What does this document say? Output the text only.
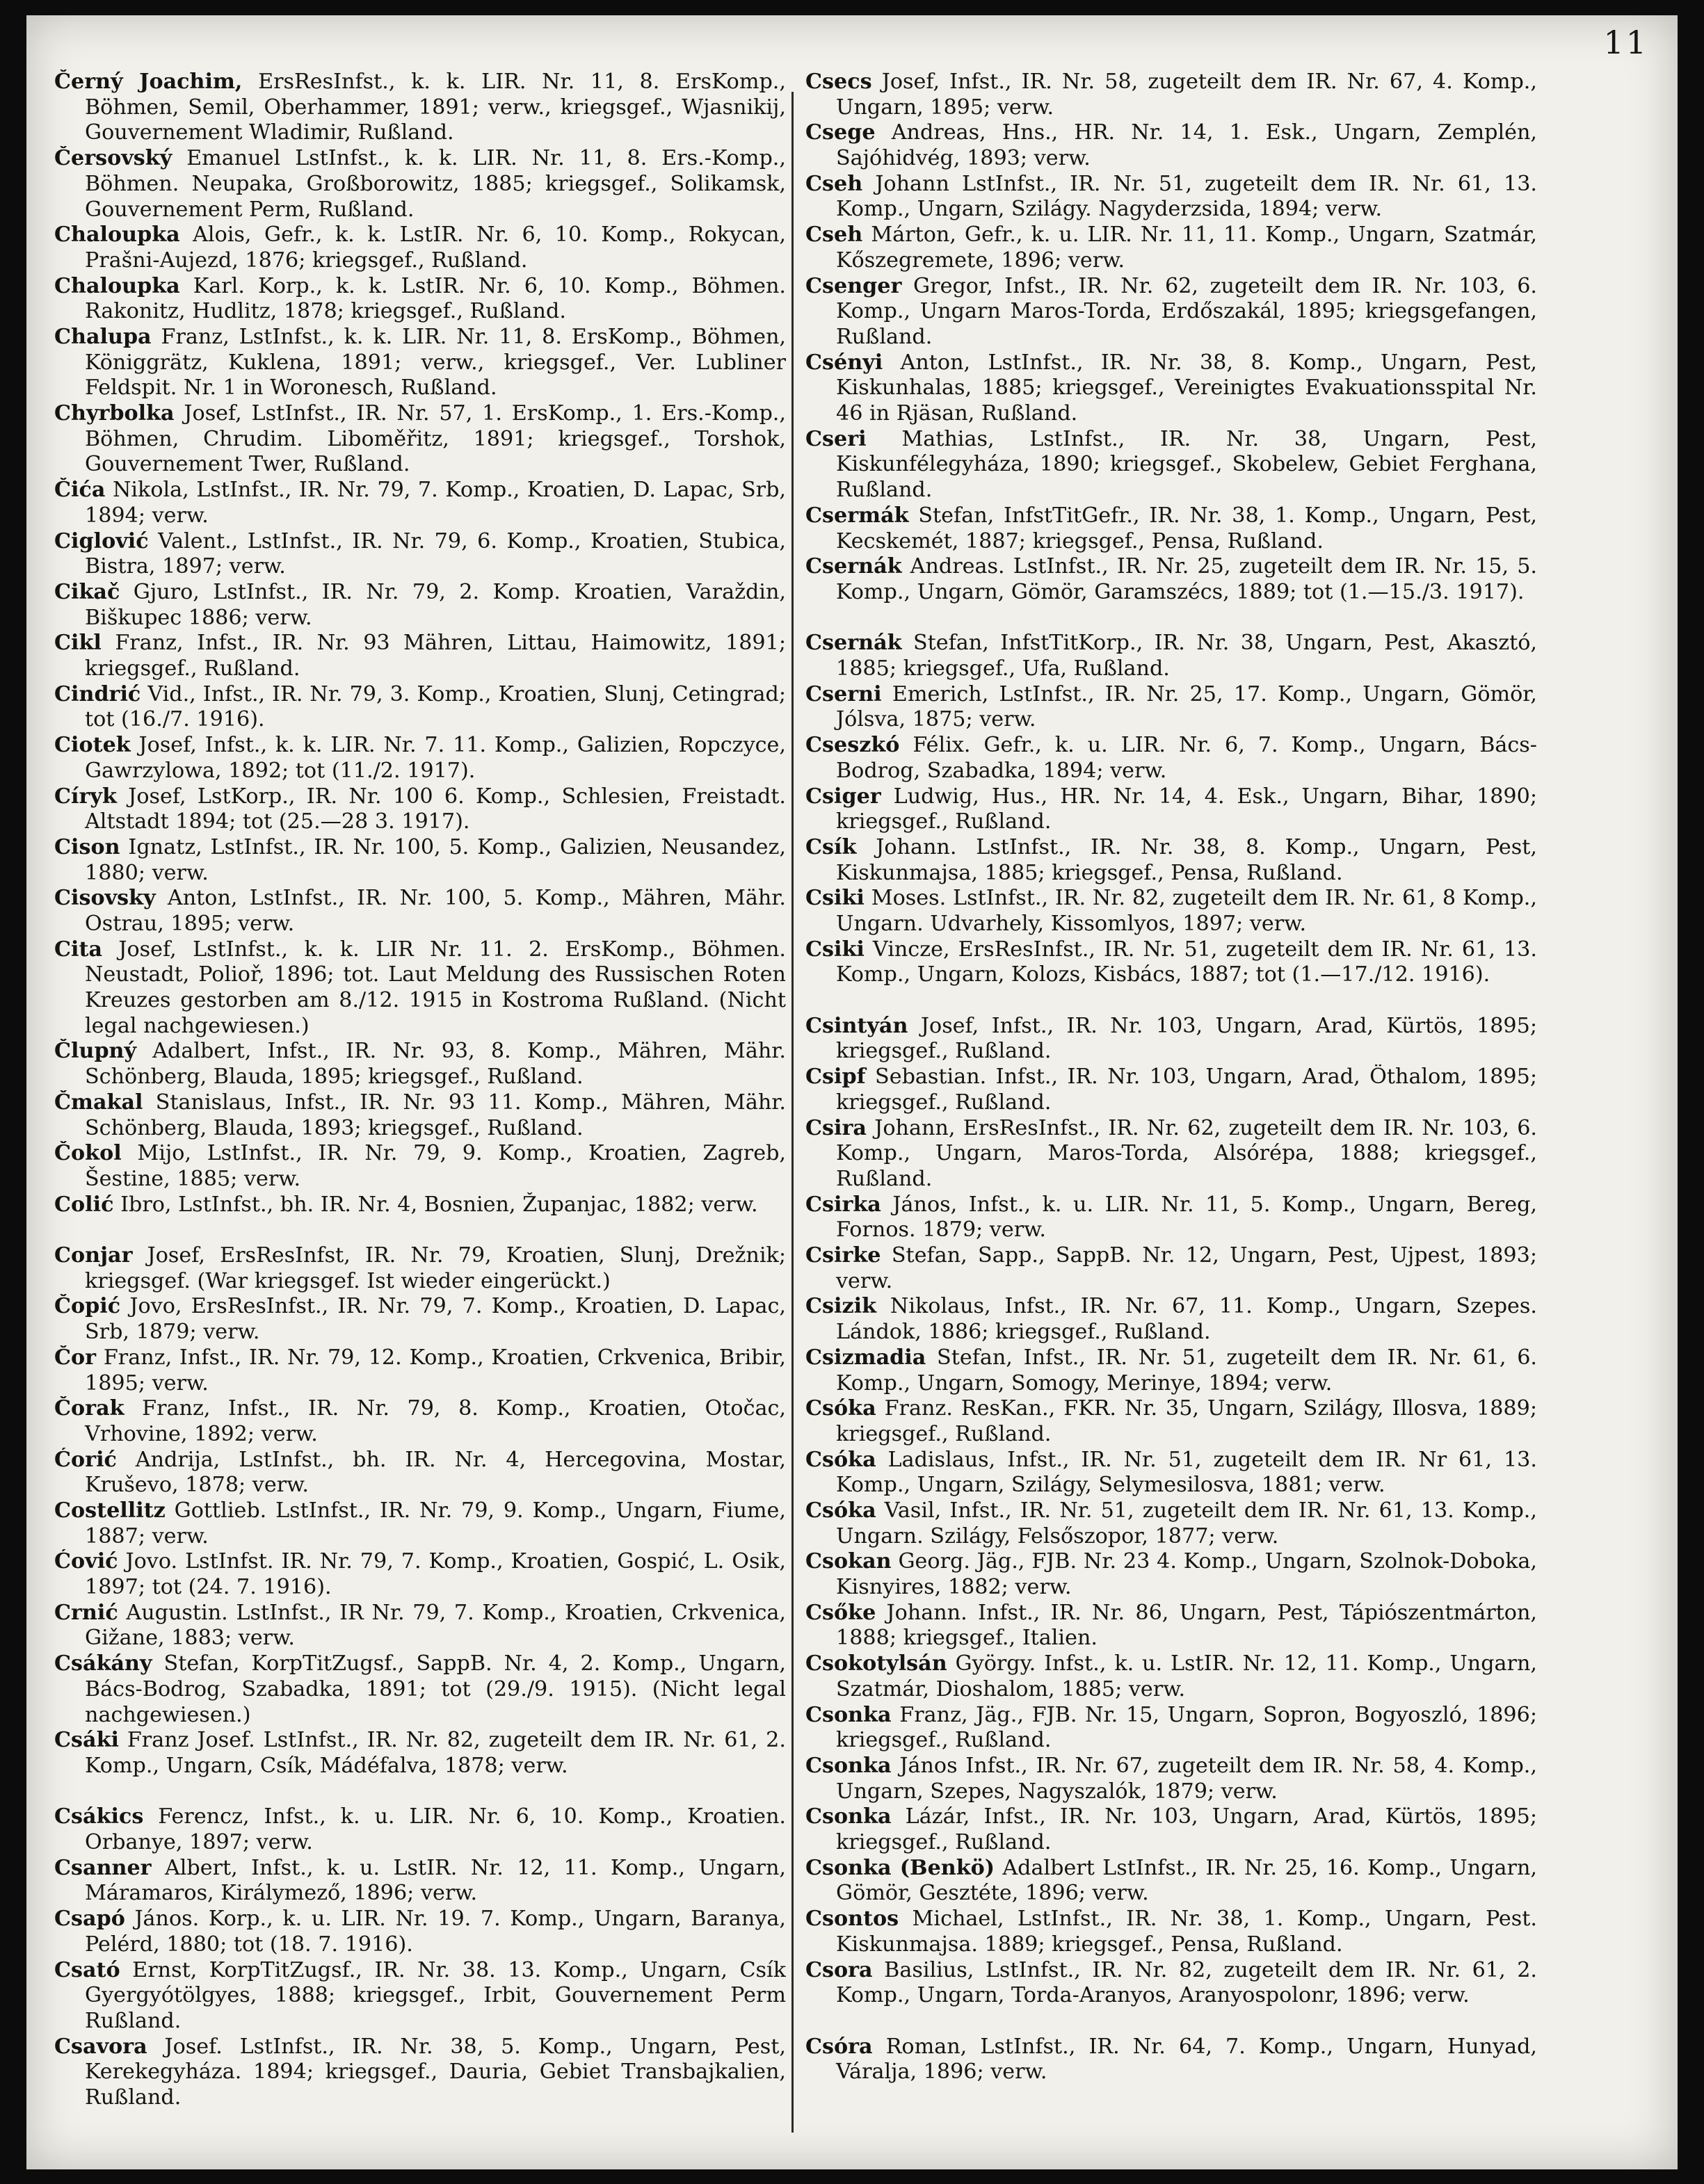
11

Černý Joachim, ErsResInfst., k. k. LIR. Nr. 11, 8. ErsKomp., Böhmen, Semil, Oberhammer, 1891; verw., kriegsgef., Wjasnikij, Gouvernement Wladimir, Rußland.

Čersovský Emanuel LstInfst., k. k. LIR. Nr. 11, 8. Ers.-Komp., Böhmen. Neupaka, Großborowitz, 1885; kriegsgef., Solikamsk, Gouvernement Perm, Rußland.

Chaloupka Alois, Gefr., k. k. LstIR. Nr. 6, 10. Komp., Rokycan, Prašni-Aujezd, 1876; kriegsgef., Rußland.

Chaloupka Karl. Korp., k. k. LstIR. Nr. 6, 10. Komp., Böhmen. Rakonitz, Hudlitz, 1878; kriegsgef., Rußland.

Chalupa Franz, LstInfst., k. k. LIR. Nr. 11, 8. ErsKomp., Böhmen, Königgrätz, Kuklena, 1891; verw., kriegsgef., Ver. Lubliner Feldspit. Nr. 1 in Woronesch, Rußland.

Chyrbolka Josef, LstInfst., IR. Nr. 57, 1. ErsKomp., 1. Ers.-Komp., Böhmen, Chrudim. Liboměřitz, 1891; kriegsgef., Torshok, Gouvernement Twer, Rußland.

Čića Nikola, LstInfst., IR. Nr. 79, 7. Komp., Kroatien, D. Lapac, Srb, 1894; verw.

Ciglović Valent., LstInfst., IR. Nr. 79, 6. Komp., Kroatien, Stubica, Bistra, 1897; verw.

Cikač Gjuro, LstInfst., IR. Nr. 79, 2. Komp. Kroatien, Varaždin, Biškupec 1886; verw.

Cikl Franz, Infst., IR. Nr. 93 Mähren, Littau, Haimowitz, 1891; kriegsgef., Rußland.

Cindrić Vid., Infst., IR. Nr. 79, 3. Komp., Kroatien, Slunj, Cetingrad; tot (16./7. 1916).

Ciotek Josef, Infst., k. k. LIR. Nr. 7. 11. Komp., Galizien, Ropczyce, Gawrzylowa, 1892; tot (11./2. 1917).

Círyk Josef, LstKorp., IR. Nr. 100 6. Komp., Schlesien, Freistadt. Altstadt 1894; tot (25.—28 3. 1917).

Cison Ignatz, LstInfst., IR. Nr. 100, 5. Komp., Galizien, Neusandez, 1880; verw.

Cisovsky Anton, LstInfst., IR. Nr. 100, 5. Komp., Mähren, Mähr. Ostrau, 1895; verw.

Cita Josef, LstInfst., k. k. LIR Nr. 11. 2. ErsKomp., Böhmen. Neustadt, Polioř, 1896; tot. Laut Meldung des Russischen Roten Kreuzes gestorben am 8./12. 1915 in Kostroma Rußland. (Nicht legal nachgewiesen.)

Člupný Adalbert, Infst., IR. Nr. 93, 8. Komp., Mähren, Mähr. Schönberg, Blauda, 1895; kriegsgef., Rußland.

Čmakal Stanislaus, Infst., IR. Nr. 93 11. Komp., Mähren, Mähr. Schönberg, Blauda, 1893; kriegsgef., Rußland.

Čokol Mijo, LstInfst., IR. Nr. 79, 9. Komp., Kroatien, Zagreb, Šestine, 1885; verw.

Colić Ibro, LstInfst., bh. IR. Nr. 4, Bosnien, Županjac, 1882; verw.

Conjar Josef, ErsResInfst, IR. Nr. 79, Kroatien, Slunj, Drežnik; kriegsgef. (War kriegsgef. Ist wieder eingerückt.)

Čopić Jovo, ErsResInfst., IR. Nr. 79, 7. Komp., Kroatien, D. Lapac, Srb, 1879; verw.

Čor Franz, Infst., IR. Nr. 79, 12. Komp., Kroatien, Crkvenica, Bribir, 1895; verw.

Čorak Franz, Infst., IR. Nr. 79, 8. Komp., Kroatien, Otočac, Vrhovine, 1892; verw.

Ćorić Andrija, LstInfst., bh. IR. Nr. 4, Hercegovina, Mostar, Kruševo, 1878; verw.

Costellitz Gottlieb. LstInfst., IR. Nr. 79, 9. Komp., Ungarn, Fiume, 1887; verw.

Ćović Jovo. LstInfst. IR. Nr. 79, 7. Komp., Kroatien, Gospić, L. Osik, 1897; tot (24. 7. 1916).

Crnić Augustin. LstInfst., IR Nr. 79, 7. Komp., Kroatien, Crkvenica, Gižane, 1883; verw.

Csákány Stefan, KorpTitZugsf., SappB. Nr. 4, 2. Komp., Ungarn, Bács-Bodrog, Szabadka, 1891; tot (29./9. 1915). (Nicht legal nachgewiesen.)

Csáki Franz Josef. LstInfst., IR. Nr. 82, zugeteilt dem IR. Nr. 61, 2. Komp., Ungarn, Csík, Mádéfalva, 1878; verw.

Csákics Ferencz, Infst., k. u. LIR. Nr. 6, 10. Komp., Kroatien. Orbanye, 1897; verw.

Csanner Albert, Infst., k. u. LstIR. Nr. 12, 11. Komp., Ungarn, Máramaros, Királymező, 1896; verw.

Csapó János. Korp., k. u. LIR. Nr. 19. 7. Komp., Ungarn, Baranya, Pelérd, 1880; tot (18. 7. 1916).

Csató Ernst, KorpTitZugsf., IR. Nr. 38. 13. Komp., Ungarn, Csík Gyergyótölgyes, 1888; kriegsgef., Irbit, Gouvernement Perm Rußland.

Csavora Josef. LstInfst., IR. Nr. 38, 5. Komp., Ungarn, Pest, Kerekegyháza. 1894; kriegsgef., Dauria, Gebiet Transbajkalien, Rußland.

Csecs Josef, Infst., IR. Nr. 58, zugeteilt dem IR. Nr. 67, 4. Komp., Ungarn, 1895; verw.

Csege Andreas, Hns., HR. Nr. 14, 1. Esk., Ungarn, Zemplén, Sajóhidvég, 1893; verw.

Cseh Johann LstInfst., IR. Nr. 51, zugeteilt dem IR. Nr. 61, 13. Komp., Ungarn, Szilágy. Nagyderzsida, 1894; verw.

Cseh Márton, Gefr., k. u. LIR. Nr. 11, 11. Komp., Ungarn, Szatmár, Kőszegremete, 1896; verw.

Csenger Gregor, Infst., IR. Nr. 62, zugeteilt dem IR. Nr. 103, 6. Komp., Ungarn Maros-Torda, Erdőszakál, 1895; kriegsgefangen, Rußland.

Csényi Anton, LstInfst., IR. Nr. 38, 8. Komp., Ungarn, Pest, Kiskunhalas, 1885; kriegsgef., Vereinigtes Evakuationsspital Nr. 46 in Rjäsan, Rußland.

Cseri Mathias, LstInfst., IR. Nr. 38, Ungarn, Pest, Kiskunfélegyháza, 1890; kriegsgef., Skobelew, Gebiet Ferghana, Rußland.

Csermák Stefan, InfstTitGefr., IR. Nr. 38, 1. Komp., Ungarn, Pest, Kecskemét, 1887; kriegsgef., Pensa, Rußland.

Csernák Andreas. LstInfst., IR. Nr. 25, zugeteilt dem IR. Nr. 15, 5. Komp., Ungarn, Gömör, Garamszécs, 1889; tot (1.—15./3. 1917).

Csernák Stefan, InfstTitKorp., IR. Nr. 38, Ungarn, Pest, Akasztó, 1885; kriegsgef., Ufa, Rußland.

Cserni Emerich, LstInfst., IR. Nr. 25, 17. Komp., Ungarn, Gömör, Jólsva, 1875; verw.

Cseszkó Félix. Gefr., k. u. LIR. Nr. 6, 7. Komp., Ungarn, Bács-Bodrog, Szabadka, 1894; verw.

Csiger Ludwig, Hus., HR. Nr. 14, 4. Esk., Ungarn, Bihar, 1890; kriegsgef., Rußland.

Csík Johann. LstInfst., IR. Nr. 38, 8. Komp., Ungarn, Pest, Kiskunmajsa, 1885; kriegsgef., Pensa, Rußland.

Csiki Moses. LstInfst., IR. Nr. 82, zugeteilt dem IR. Nr. 61, 8 Komp., Ungarn. Udvarhely, Kissomlyos, 1897; verw.

Csiki Vincze, ErsResInfst., IR. Nr. 51, zugeteilt dem IR. Nr. 61, 13. Komp., Ungarn, Kolozs, Kisbács, 1887; tot (1.—17./12. 1916).

Csintyán Josef, Infst., IR. Nr. 103, Ungarn, Arad, Kürtös, 1895; kriegsgef., Rußland.

Csipf Sebastian. Infst., IR. Nr. 103, Ungarn, Arad, Öthalom, 1895; kriegsgef., Rußland.

Csira Johann, ErsResInfst., IR. Nr. 62, zugeteilt dem IR. Nr. 103, 6. Komp., Ungarn, Maros-Torda, Alsórépa, 1888; kriegsgef., Rußland.

Csirka János, Infst., k. u. LIR. Nr. 11, 5. Komp., Ungarn, Bereg, Fornos. 1879; verw.

Csirke Stefan, Sapp., SappB. Nr. 12, Ungarn, Pest, Ujpest, 1893; verw.

Csizik Nikolaus, Infst., IR. Nr. 67, 11. Komp., Ungarn, Szepes. Lándok, 1886; kriegsgef., Rußland.

Csizmadia Stefan, Infst., IR. Nr. 51, zugeteilt dem IR. Nr. 61, 6. Komp., Ungarn, Somogy, Merinye, 1894; verw.

Csóka Franz. ResKan., FKR. Nr. 35, Ungarn, Szilágy, Illosva, 1889; kriegsgef., Rußland.

Csóka Ladislaus, Infst., IR. Nr. 51, zugeteilt dem IR. Nr 61, 13. Komp., Ungarn, Szilágy, Selymesilosva, 1881; verw.

Csóka Vasil, Infst., IR. Nr. 51, zugeteilt dem IR. Nr. 61, 13. Komp., Ungarn. Szilágy, Felsőszopor, 1877; verw.

Csokan Georg. Jäg., FJB. Nr. 23 4. Komp., Ungarn, Szolnok-Doboka, Kisnyires, 1882; verw.

Csőke Johann. Infst., IR. Nr. 86, Ungarn, Pest, Tápiószentmárton, 1888; kriegsgef., Italien.

Csokotylsán György. Infst., k. u. LstIR. Nr. 12, 11. Komp., Ungarn, Szatmár, Dioshalom, 1885; verw.

Csonka Franz, Jäg., FJB. Nr. 15, Ungarn, Sopron, Bogyoszló, 1896; kriegsgef., Rußland.

Csonka János Infst., IR. Nr. 67, zugeteilt dem IR. Nr. 58, 4. Komp., Ungarn, Szepes, Nagyszalók, 1879; verw.

Csonka Lázár, Infst., IR. Nr. 103, Ungarn, Arad, Kürtös, 1895; kriegsgef., Rußland.

Csonka (Benkö) Adalbert LstInfst., IR. Nr. 25, 16. Komp., Ungarn, Gömör, Gesztéte, 1896; verw.

Csontos Michael, LstInfst., IR. Nr. 38, 1. Komp., Ungarn, Pest. Kiskunmajsa. 1889; kriegsgef., Pensa, Rußland.

Csora Basilius, LstInfst., IR. Nr. 82, zugeteilt dem IR. Nr. 61, 2. Komp., Ungarn, Torda-Aranyos, Aranyospolonr, 1896; verw.

Csóra Roman, LstInfst., IR. Nr. 64, 7. Komp., Ungarn, Hunyad, Váralja, 1896; verw.
